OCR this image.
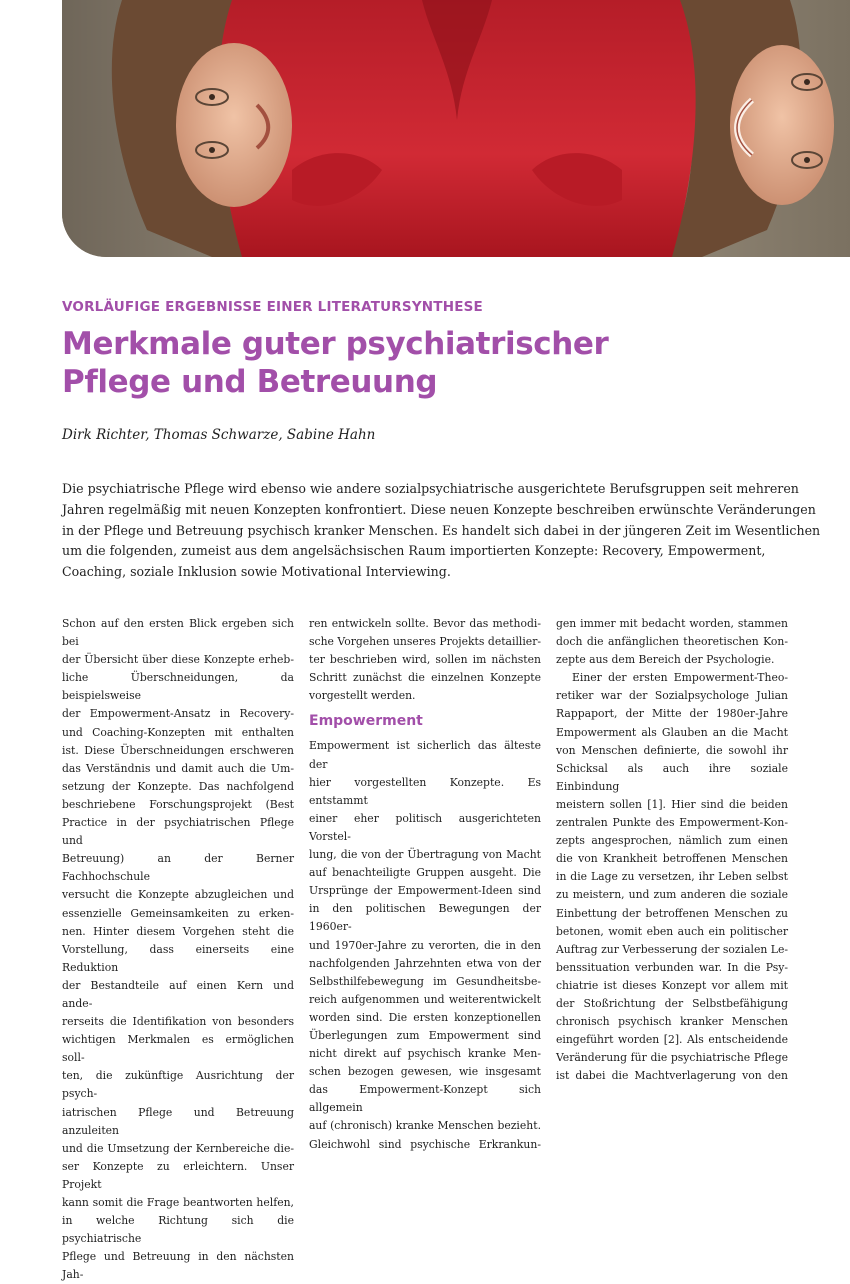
VORLÄUFIGE ERGEBNISSE EINER LITERATURSYNTHESE
Merkmale guter psychiatrischer
Pflege und Betreuung
Dirk Richter, Thomas Schwarze, Sabine Hahn

Die psychiatrische Pflege wird ebenso wie andere sozialpsychiatrische ausgerichtete Berufsgruppen seit mehreren
Jahren regelmäßig mit neuen Konzepten konfrontiert. Diese neuen Konzepte beschreiben erwünschte Veränderungen
in der Pflege und Betreuung psychisch kranker Menschen. Es handelt sich dabei in der jüngeren Zeit im Wesentlichen
um die folgenden, zumeist aus dem angelsächsischen Raum importierten Konzepte: Recovery, Empowerment,
Coaching, soziale Inklusion sowie Motivational Interviewing.

Schon auf den ersten Blick ergeben sich bei
der Übersicht über diese Konzepte erheb-
liche Überschneidungen, da beispielsweise
der Empowerment-Ansatz in Recovery-
und Coaching-Konzepten mit enthalten
ist. Diese Überschneidungen erschweren
das Verständnis und damit auch die Um-
setzung der Konzepte. Das nachfolgend
beschriebene Forschungsprojekt (Best
Practice in der psychiatrischen Pflege und
Betreuung) an der Berner Fachhochschule
versucht die Konzepte abzugleichen und
essenzielle Gemeinsamkeiten zu erken-
nen. Hinter diesem Vorgehen steht die
Vorstellung, dass einerseits eine Reduktion
der Bestandteile auf einen Kern und ande-
rerseits die Identifikation von besonders
wichtigen Merkmalen es ermöglichen soll-
ten, die zukünftige Ausrichtung der psych-
iatrischen Pflege und Betreuung anzuleiten
und die Umsetzung der Kernbereiche die-
ser Konzepte zu erleichtern. Unser Projekt
kann somit die Frage beantworten helfen,
in welche Richtung sich die psychiatrische
Pflege und Betreuung in den nächsten Jah-

ren entwickeln sollte. Bevor das methodi-
sche Vorgehen unseres Projekts detaillier-
ter beschrieben wird, sollen im nächsten
Schritt zunächst die einzelnen Konzepte
vorgestellt werden.
Empowerment
Empowerment ist sicherlich das älteste der
hier vorgestellten Konzepte. Es entstammt
einer eher politisch ausgerichteten Vorstel-
lung, die von der Übertragung von Macht
auf benachteiligte Gruppen ausgeht. Die
Ursprünge der Empowerment-Ideen sind
in den politischen Bewegungen der 1960er-
und 1970er-Jahre zu verorten, die in den
nachfolgenden Jahrzehnten etwa von der
Selbsthilfebewegung im Gesundheitsbe-
reich aufgenommen und weiterentwickelt
worden sind. Die ersten konzeptionellen
Überlegungen zum Empowerment sind
nicht direkt auf psychisch kranke Men-
schen bezogen gewesen, wie insgesamt
das Empowerment-Konzept sich allgemein
auf (chronisch) kranke Menschen bezieht.
Gleichwohl sind psychische Erkrankun-

gen immer mit bedacht worden, stammen
doch die anfänglichen theoretischen Kon-
zepte aus dem Bereich der Psychologie.
Einer der ersten Empowerment-Theo-
retiker war der Sozialpsychologe Julian
Rappaport, der Mitte der 1980er-Jahre
Empowerment als Glauben an die Macht
von Menschen definierte, die sowohl ihr
Schicksal als auch ihre soziale Einbindung
meistern sollen [1]. Hier sind die beiden
zentralen Punkte des Empowerment-Kon-
zepts angesprochen, nämlich zum einen
die von Krankheit betroffenen Menschen
in die Lage zu versetzen, ihr Leben selbst
zu meistern, und zum anderen die soziale
Einbettung der betroffenen Menschen zu
betonen, womit eben auch ein politischer
Auftrag zur Verbesserung der sozialen Le-
benssituation verbunden war. In die Psy-
chiatrie ist dieses Konzept vor allem mit
der Stoßrichtung der Selbstbefähigung
chronisch psychisch kranker Menschen
eingeführt worden [2]. Als entscheidende
Veränderung für die psychiatrische Pflege
ist dabei die Machtverlagerung von den
